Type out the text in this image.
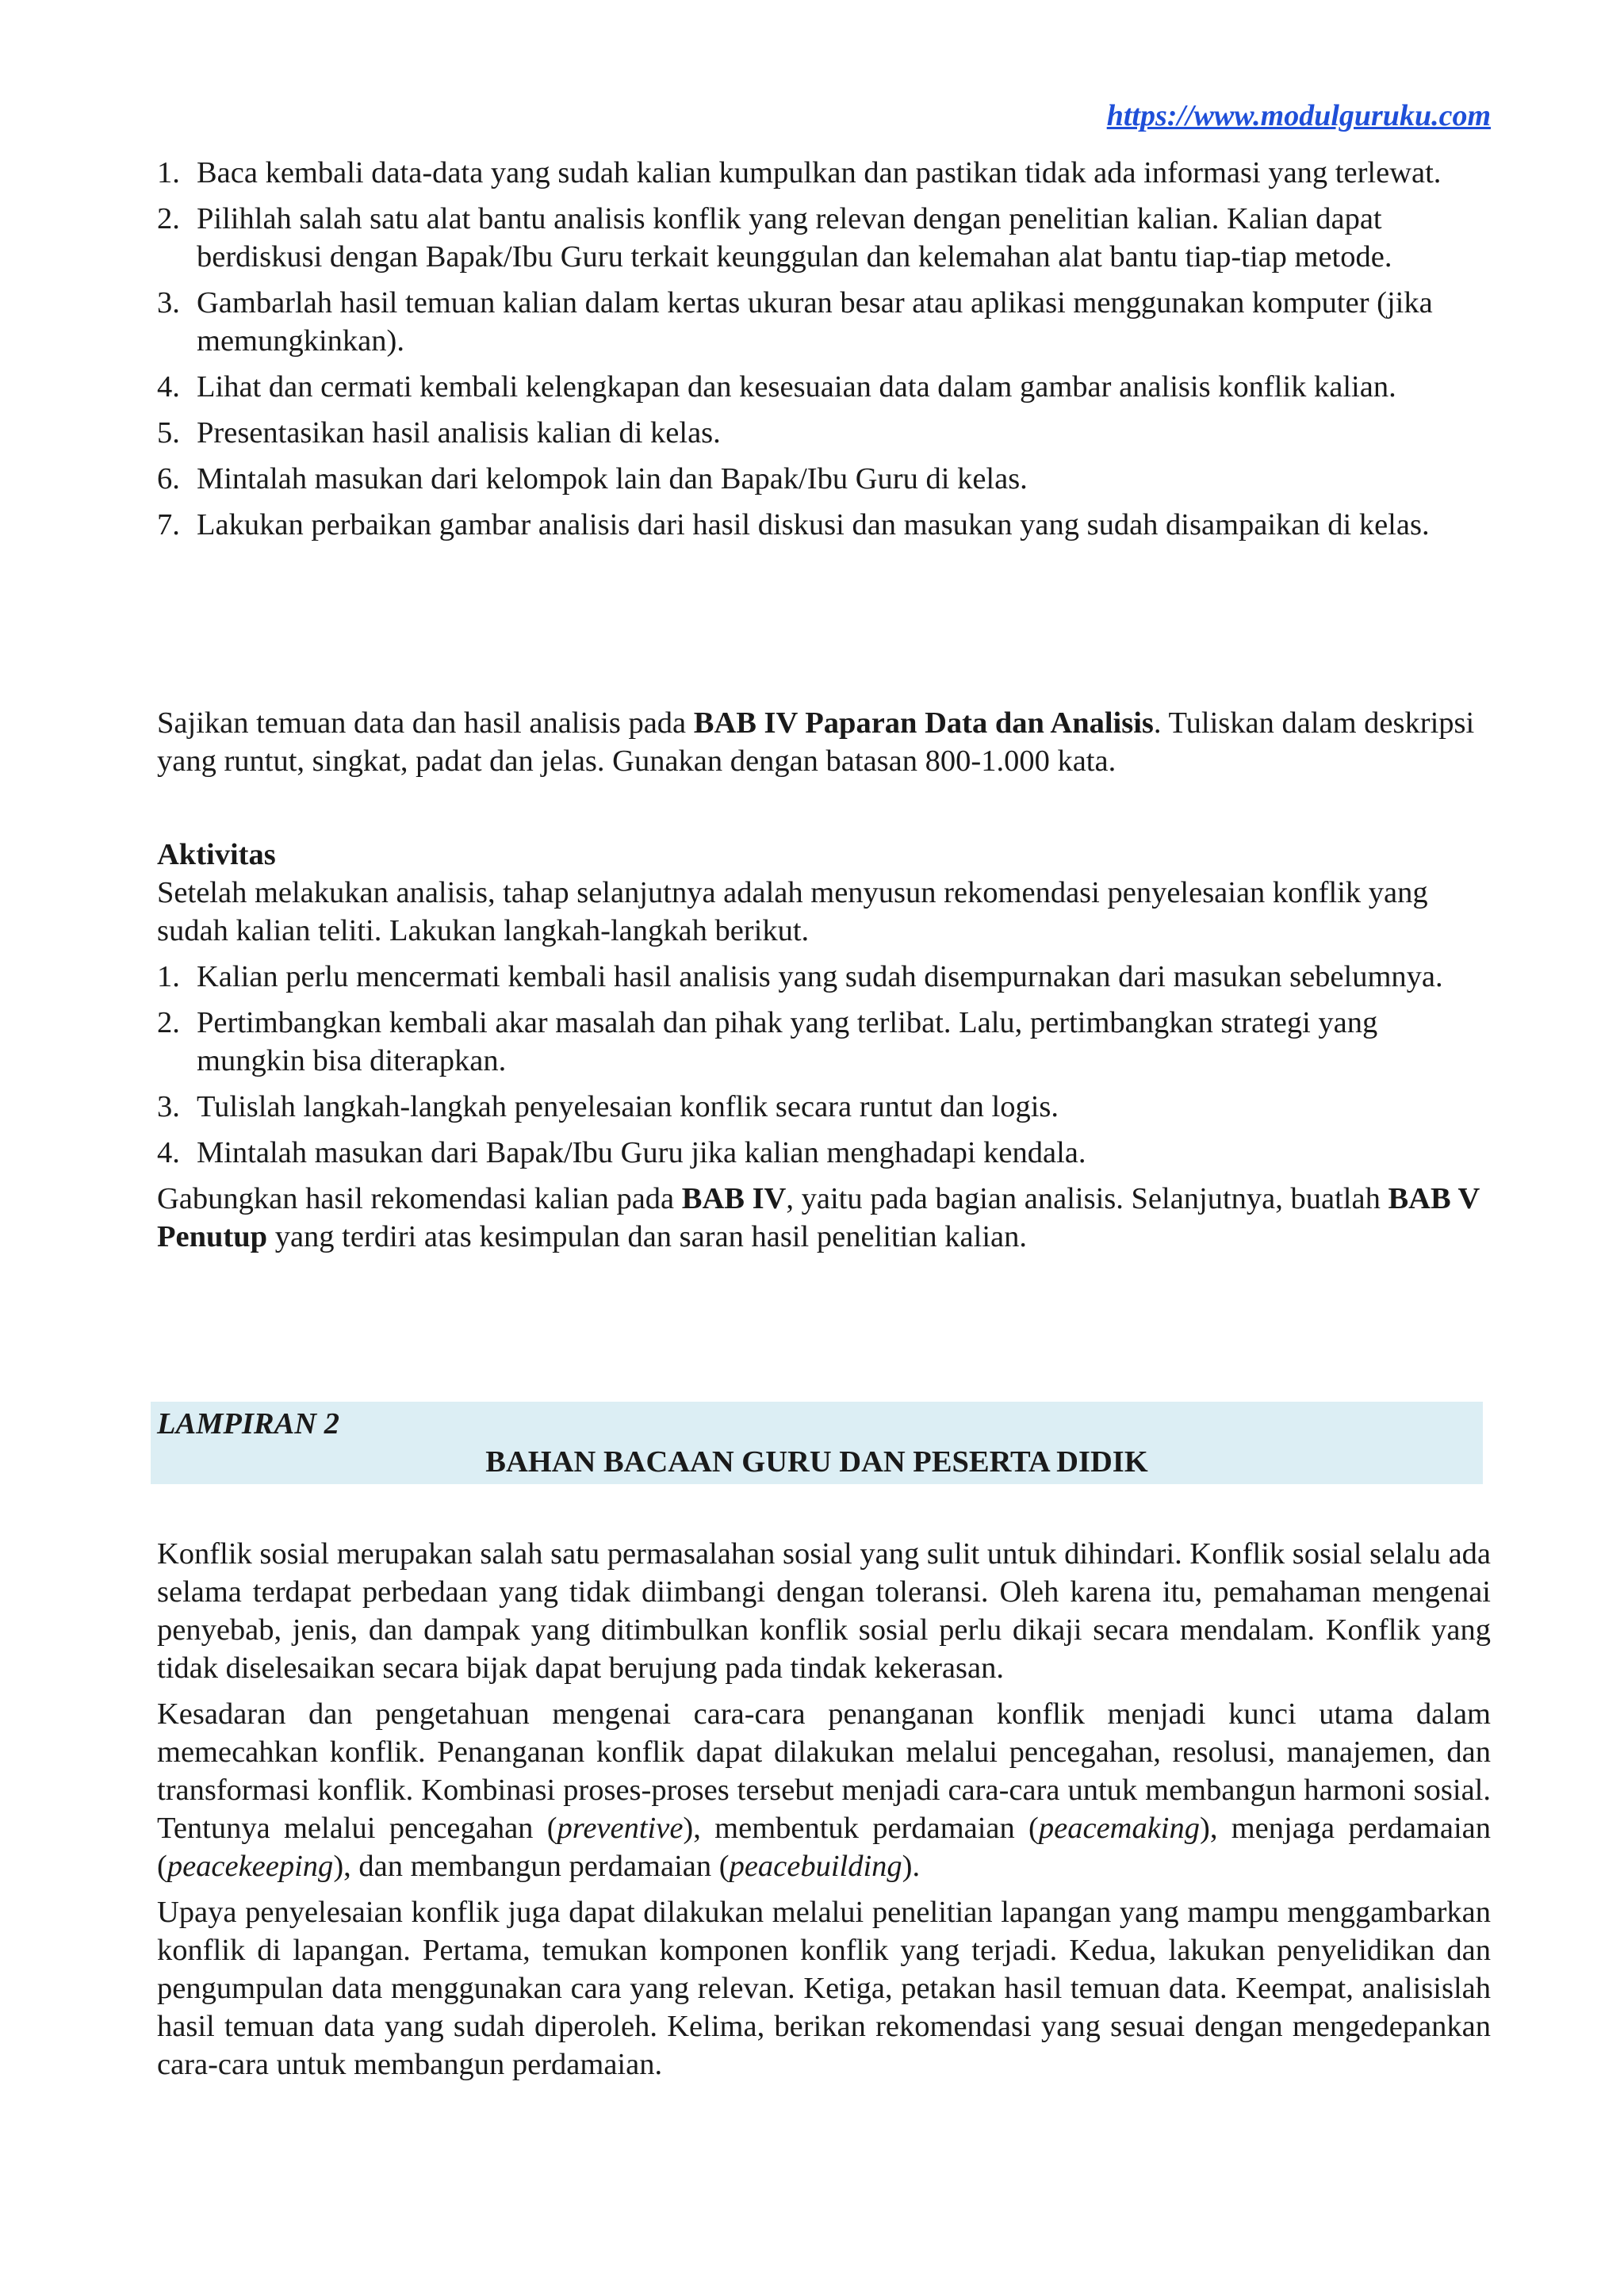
https://www.modulguruku.com
1. Baca kembali data-data yang sudah kalian kumpulkan dan pastikan tidak ada informasi yang terlewat.
2. Pilihlah salah satu alat bantu analisis konflik yang relevan dengan penelitian kalian. Kalian dapat berdiskusi dengan Bapak/Ibu Guru terkait keunggulan dan kelemahan alat bantu tiap-tiap metode.
3. Gambarlah hasil temuan kalian dalam kertas ukuran besar atau aplikasi menggunakan komputer (jika memungkinkan).
4. Lihat dan cermati kembali kelengkapan dan kesesuaian data dalam gambar analisis konflik kalian.
5. Presentasikan hasil analisis kalian di kelas.
6. Mintalah masukan dari kelompok lain dan Bapak/Ibu Guru di kelas.
7. Lakukan perbaikan gambar analisis dari hasil diskusi dan masukan yang sudah disampaikan di kelas.

Sajikan temuan data dan hasil analisis pada BAB IV Paparan Data dan Analisis. Tuliskan dalam deskripsi yang runtut, singkat, padat dan jelas. Gunakan dengan batasan 800-1.000 kata.

Aktivitas

Setelah melakukan analisis, tahap selanjutnya adalah menyusun rekomendasi penyelesaian konflik yang sudah kalian teliti. Lakukan langkah-langkah berikut.

1. Kalian perlu mencermati kembali hasil analisis yang sudah disempurnakan dari masukan sebelumnya.
2. Pertimbangkan kembali akar masalah dan pihak yang terlibat. Lalu, pertimbangkan strategi yang mungkin bisa diterapkan.
3. Tulislah langkah-langkah penyelesaian konflik secara runtut dan logis.
4. Mintalah masukan dari Bapak/Ibu Guru jika kalian menghadapi kendala.

Gabungkan hasil rekomendasi kalian pada BAB IV, yaitu pada bagian analisis. Selanjutnya, buatlah BAB V Penutup yang terdiri atas kesimpulan dan saran hasil penelitian kalian.

LAMPIRAN 2
BAHAN BACAAN GURU DAN PESERTA DIDIK

Konflik sosial merupakan salah satu permasalahan sosial yang sulit untuk dihindari. Konflik sosial selalu ada selama terdapat perbedaan yang tidak diimbangi dengan toleransi. Oleh karena itu, pemahaman mengenai penyebab, jenis, dan dampak yang ditimbulkan konflik sosial perlu dikaji secara mendalam. Konflik yang tidak diselesaikan secara bijak dapat berujung pada tindak kekerasan.

Kesadaran dan pengetahuan mengenai cara-cara penanganan konflik menjadi kunci utama dalam memecahkan konflik. Penanganan konflik dapat dilakukan melalui pencegahan, resolusi, manajemen, dan transformasi konflik. Kombinasi proses-proses tersebut menjadi cara-cara untuk membangun harmoni sosial. Tentunya melalui pencegahan (preventive), membentuk perdamaian (peacemaking), menjaga perdamaian (peacekeeping), dan membangun perdamaian (peacebuilding).

Upaya penyelesaian konflik juga dapat dilakukan melalui penelitian lapangan yang mampu menggambarkan konflik di lapangan. Pertama, temukan komponen konflik yang terjadi. Kedua, lakukan penyelidikan dan pengumpulan data menggunakan cara yang relevan. Ketiga, petakan hasil temuan data. Keempat, analisislah hasil temuan data yang sudah diperoleh. Kelima, berikan rekomendasi yang sesuai dengan mengedepankan cara-cara untuk membangun perdamaian.
